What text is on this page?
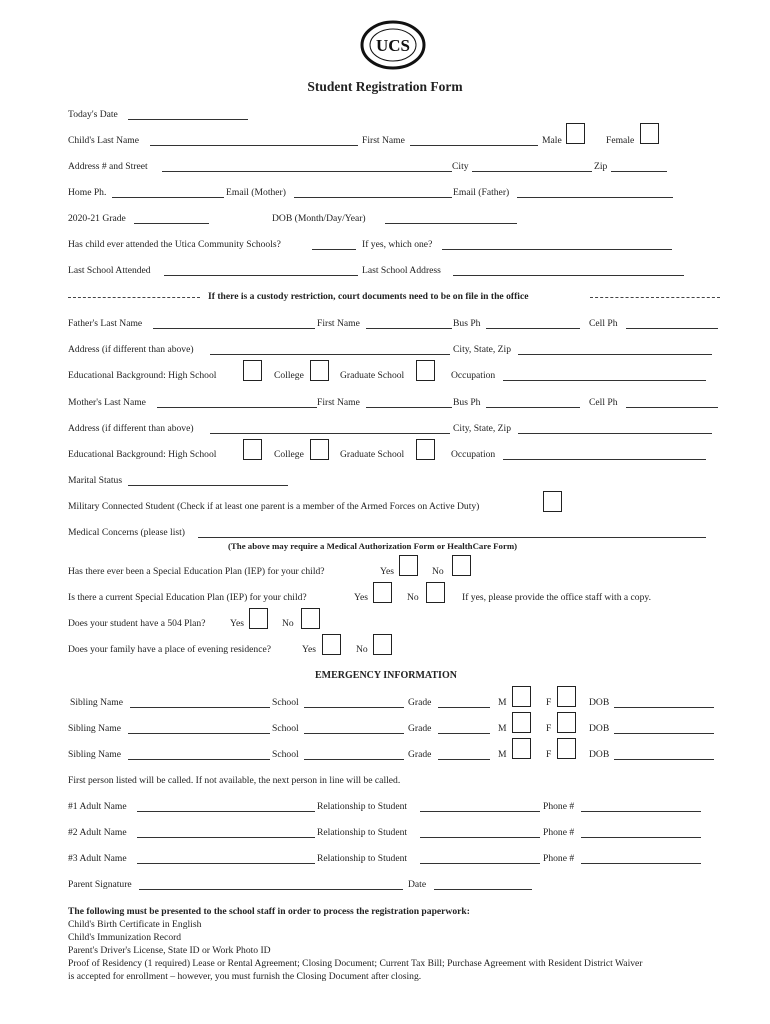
UCS
Student Registration Form
Today's Date
Child's Last Name	First Name	Male	Female
Address # and Street	City	Zip
Home Ph.	Email (Mother)	Email (Father)
2020-21 Grade	DOB (Month/Day/Year)
Has child ever attended the Utica Community Schools?	If yes, which one?
Last School Attended	Last School Address
If there is a custody restriction, court documents need to be on file in the office
Father's Last Name	First Name	Bus Ph	Cell Ph
Address (if different than above)	City, State, Zip
Educational Background: High School	College	Graduate School	Occupation
Mother's Last Name	First Name	Bus Ph	Cell Ph
Address (if different than above)	City, State, Zip
Educational Background: High School	College	Graduate School	Occupation
Marital Status
Military Connected Student (Check if at least one parent is a member of the Armed Forces on Active Duty)
Medical Concerns (please list)
(The above may require a Medical Authorization Form or HealthCare Form)
Has there ever been a Special Education Plan (IEP) for your child?	Yes	No
Is there a current Special Education Plan (IEP) for your child?	Yes	No	If yes, please provide the office staff with a copy.
Does your student have a 504 Plan?	Yes	No
Does your family have a place of evening residence?	Yes	No
EMERGENCY INFORMATION
Sibling Name	School	Grade	M	F	DOB
Sibling Name	School	Grade	M	F	DOB
Sibling Name	School	Grade	M	F	DOB
First person listed will be called. If not available, the next person in line will be called.
#1 Adult Name	Relationship to Student	Phone #
#2 Adult Name	Relationship to Student	Phone #
#3 Adult Name	Relationship to Student	Phone #
Parent Signature	Date
The following must be presented to the school staff in order to process the registration paperwork:
Child's Birth Certificate in English
Child's Immunization Record
Parent's Driver's License, State ID or Work Photo ID
Proof of Residency (1 required) Lease or Rental Agreement; Closing Document; Current Tax Bill; Purchase Agreement with Resident District Waiver
is accepted for enrollment – however, you must furnish the Closing Document after closing.
